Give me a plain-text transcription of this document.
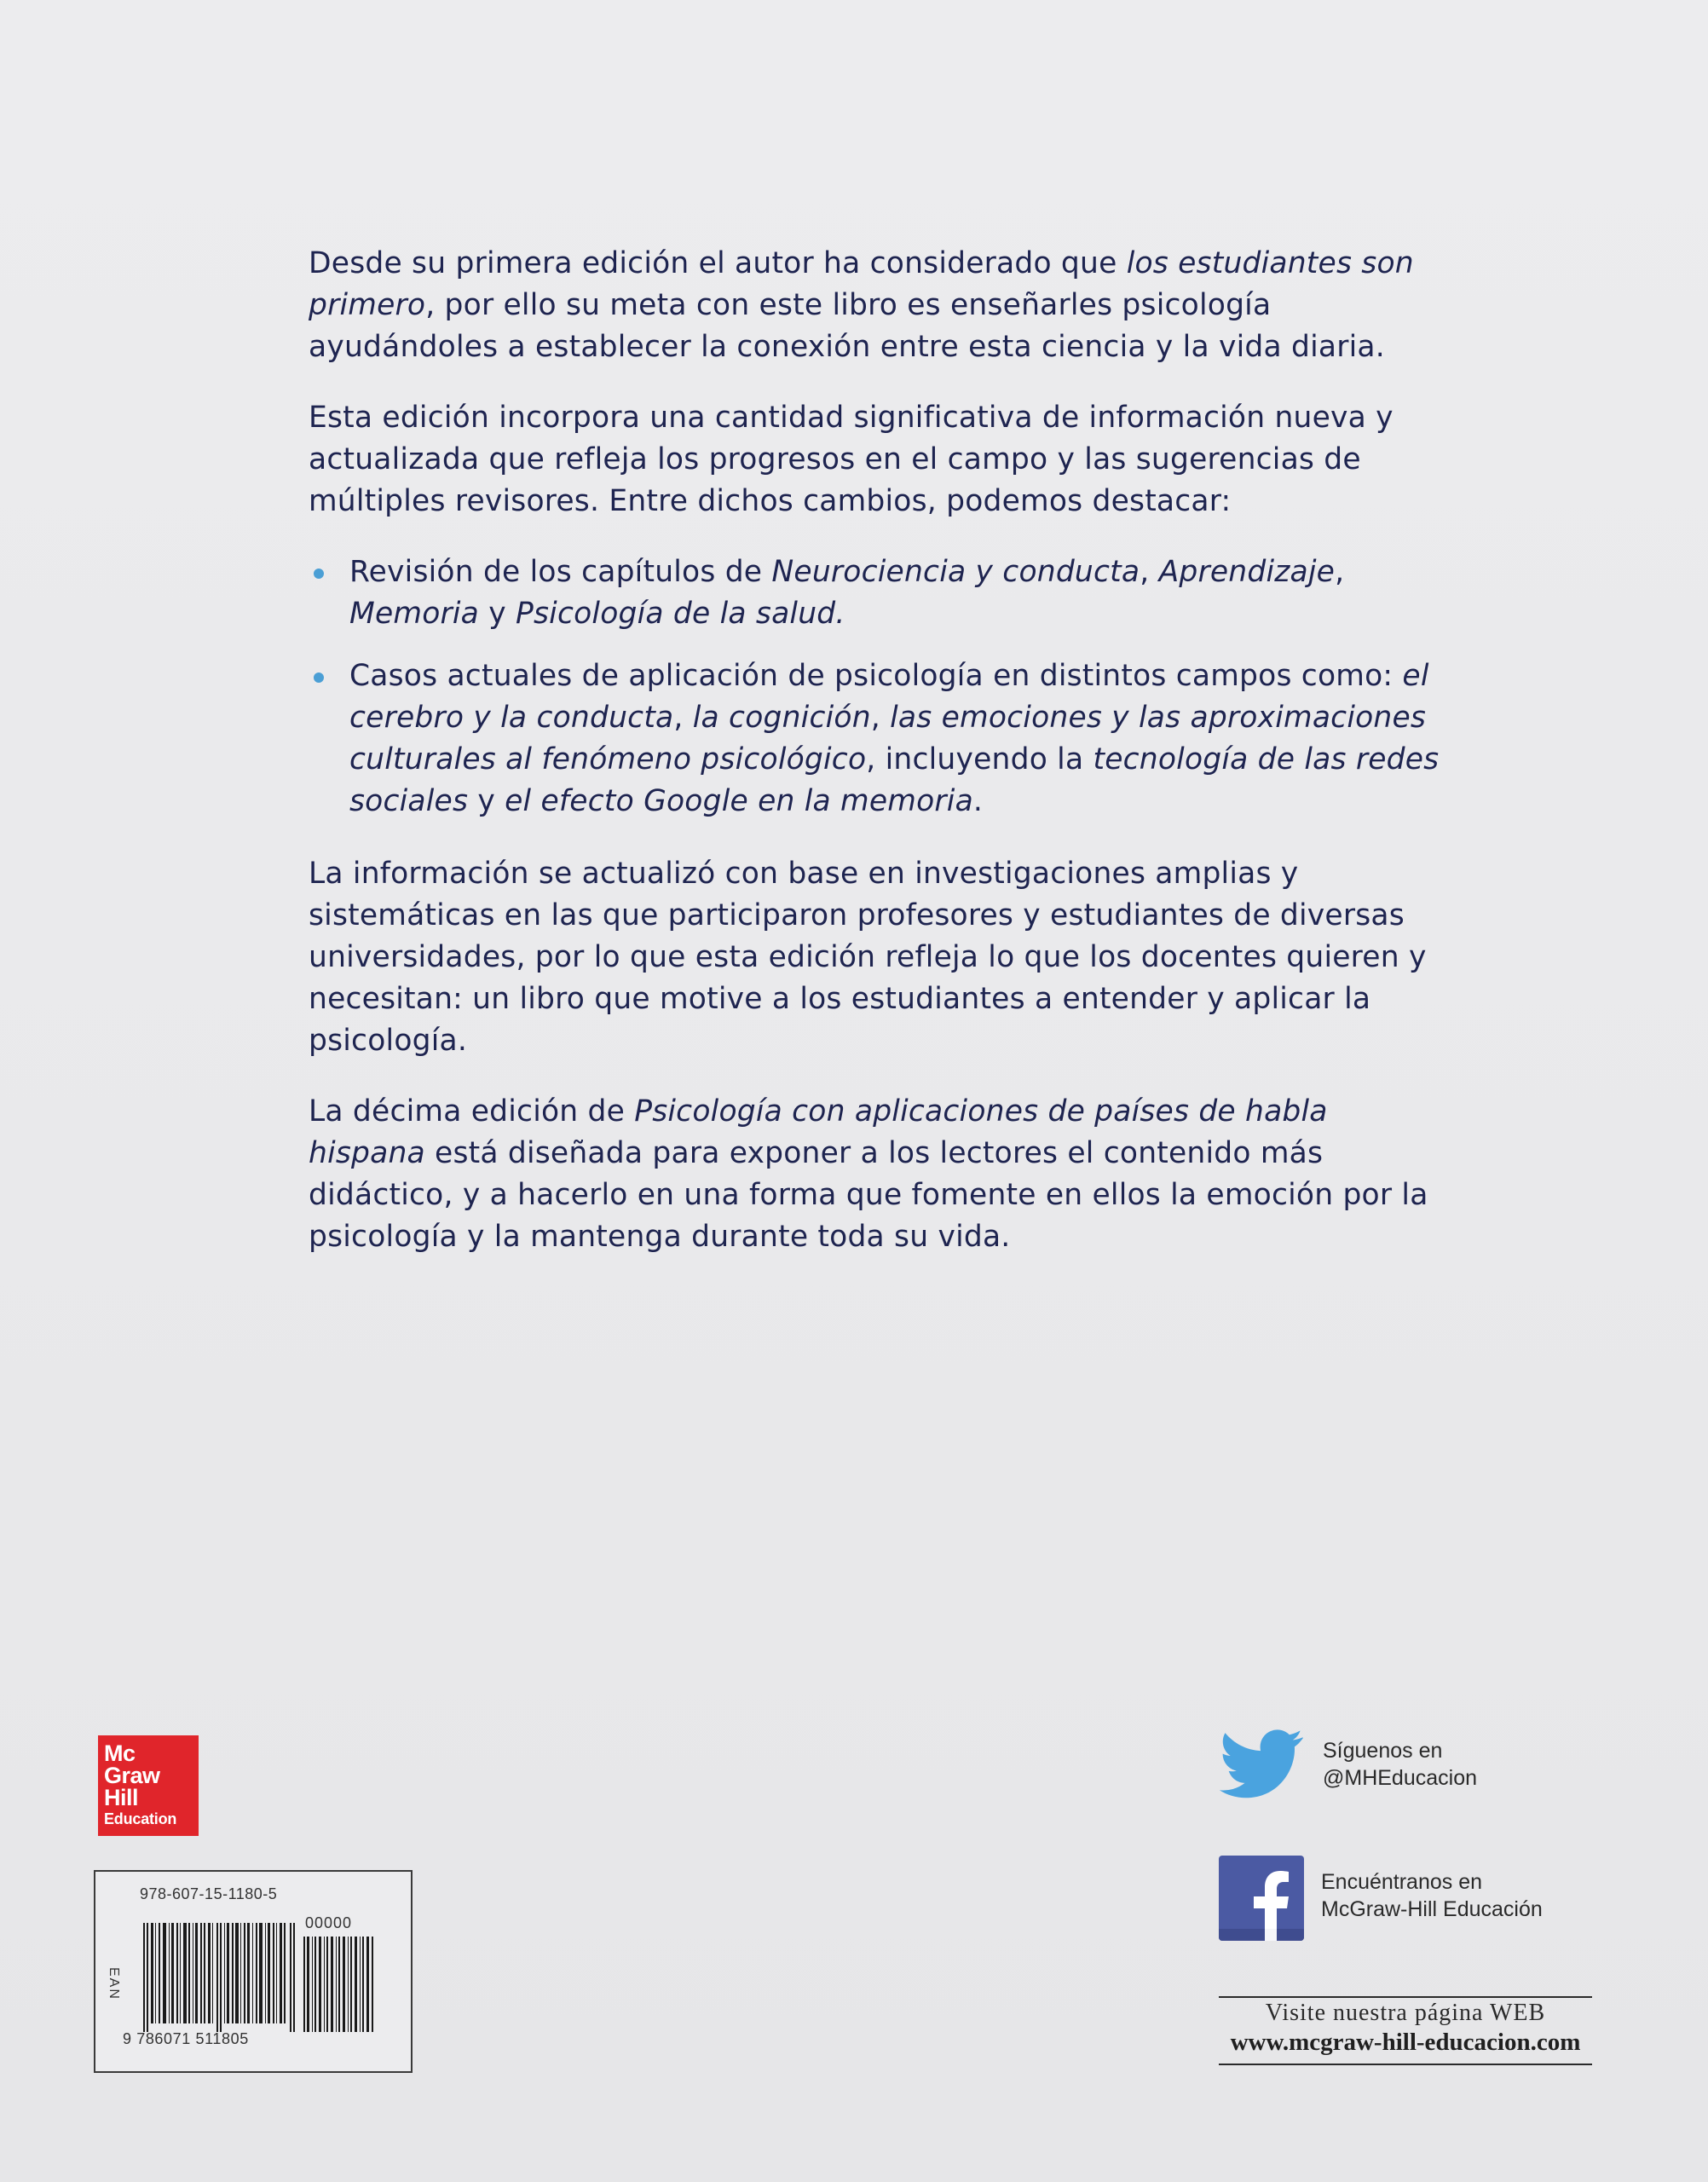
Desde su primera edición el autor ha considerado que los estudiantes son primero, por ello su meta con este libro es enseñarles psicología ayudándoles a establecer la conexión entre esta ciencia y la vida diaria.

Esta edición incorpora una cantidad significativa de información nueva y actualizada que refleja los progresos en el campo y las sugerencias de múltiples revisores. Entre dichos cambios, podemos destacar:

Revisión de los capítulos de Neurociencia y conducta, Aprendizaje,
Memoria y Psicología de la salud.
Casos actuales de aplicación de psicología en distintos campos como: el cerebro y la conducta, la cognición, las emociones y las aproximaciones culturales al fenómeno psicológico, incluyendo la tecnología de las redes sociales y el efecto Google en la memoria.

La información se actualizó con base en investigaciones amplias y sistemáticas en las que participaron profesores y estudiantes de diversas universidades, por lo que esta edición refleja lo que los docentes quieren y necesitan: un libro que motive a los estudiantes a entender y aplicar la psicología.

La décima edición de Psicología con aplicaciones de países de habla hispana está diseñada para exponer a los lectores el contenido más didáctico, y a hacerlo en una forma que fomente en ellos la emoción por la psicología y la mantenga durante toda su vida.

Mc
Graw
Hill
Education
978-607-15-1180-5
EAN
00000
9 786071 511805
Síguenos en
@MHEducacion
Encuéntranos en
McGraw-Hill Educación
Visite nuestra página WEB
www.mcgraw-hill-educacion.com
